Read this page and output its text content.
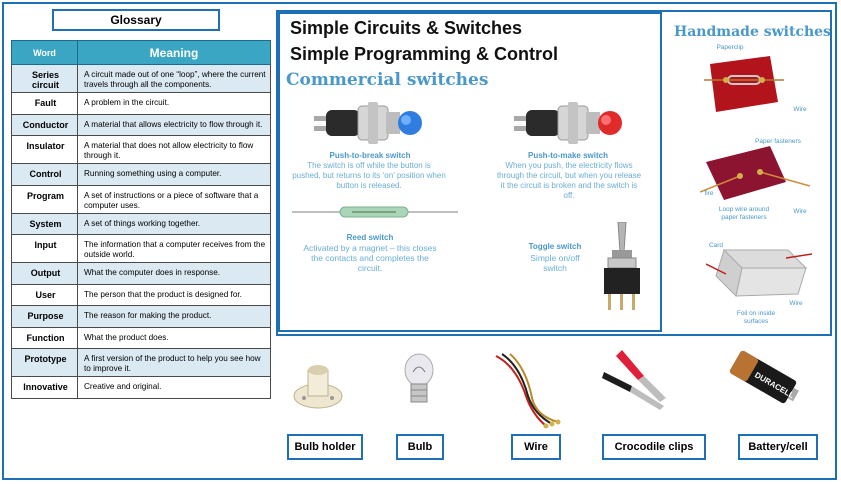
Glossary
Word	Meaning
Series circuit	A circuit made out of one “loop”, where the current travels through all the components.
Fault	A problem in the circuit.
Conductor	A material that allows electricity to flow through it.
Insulator	A material that does not allow electricity to flow through it.
Control	Running something using a computer.
Program	A set of instructions or a piece of software that a computer uses.
System	A set of things working together.
Input	The information that a computer receives from the outside world.
Output	What the computer does in response.
User	The person that the product is designed for.
Purpose	The reason for making the product.
Function	What the product does.
Prototype	A first version of the product to help you see how to improve it.
Innovative	Creative and original.
Simple Circuits & Switches
Simple Programming & Control
Commercial switches
Push-to-break switch
The switch is off while the button is pushed, but returns to its ‘on’ position when button is released.
Push-to-make switch
When you push, the electricity flows through the circuit, but when you release it the circuit is broken and the switch is off.
Reed switch
Activated by a magnet – this closes the contacts and completes the circuit.
Toggle switch
Simple on/off switch
Handmade switches
Paperclip
Wire
Paper fasteners
fire
Loop wire around paper fasteners
Wire
Card
Foil on inside surfaces
Wire
DURACELL
Bulb holder	Bulb	Wire	Crocodile clips	Battery/cell
